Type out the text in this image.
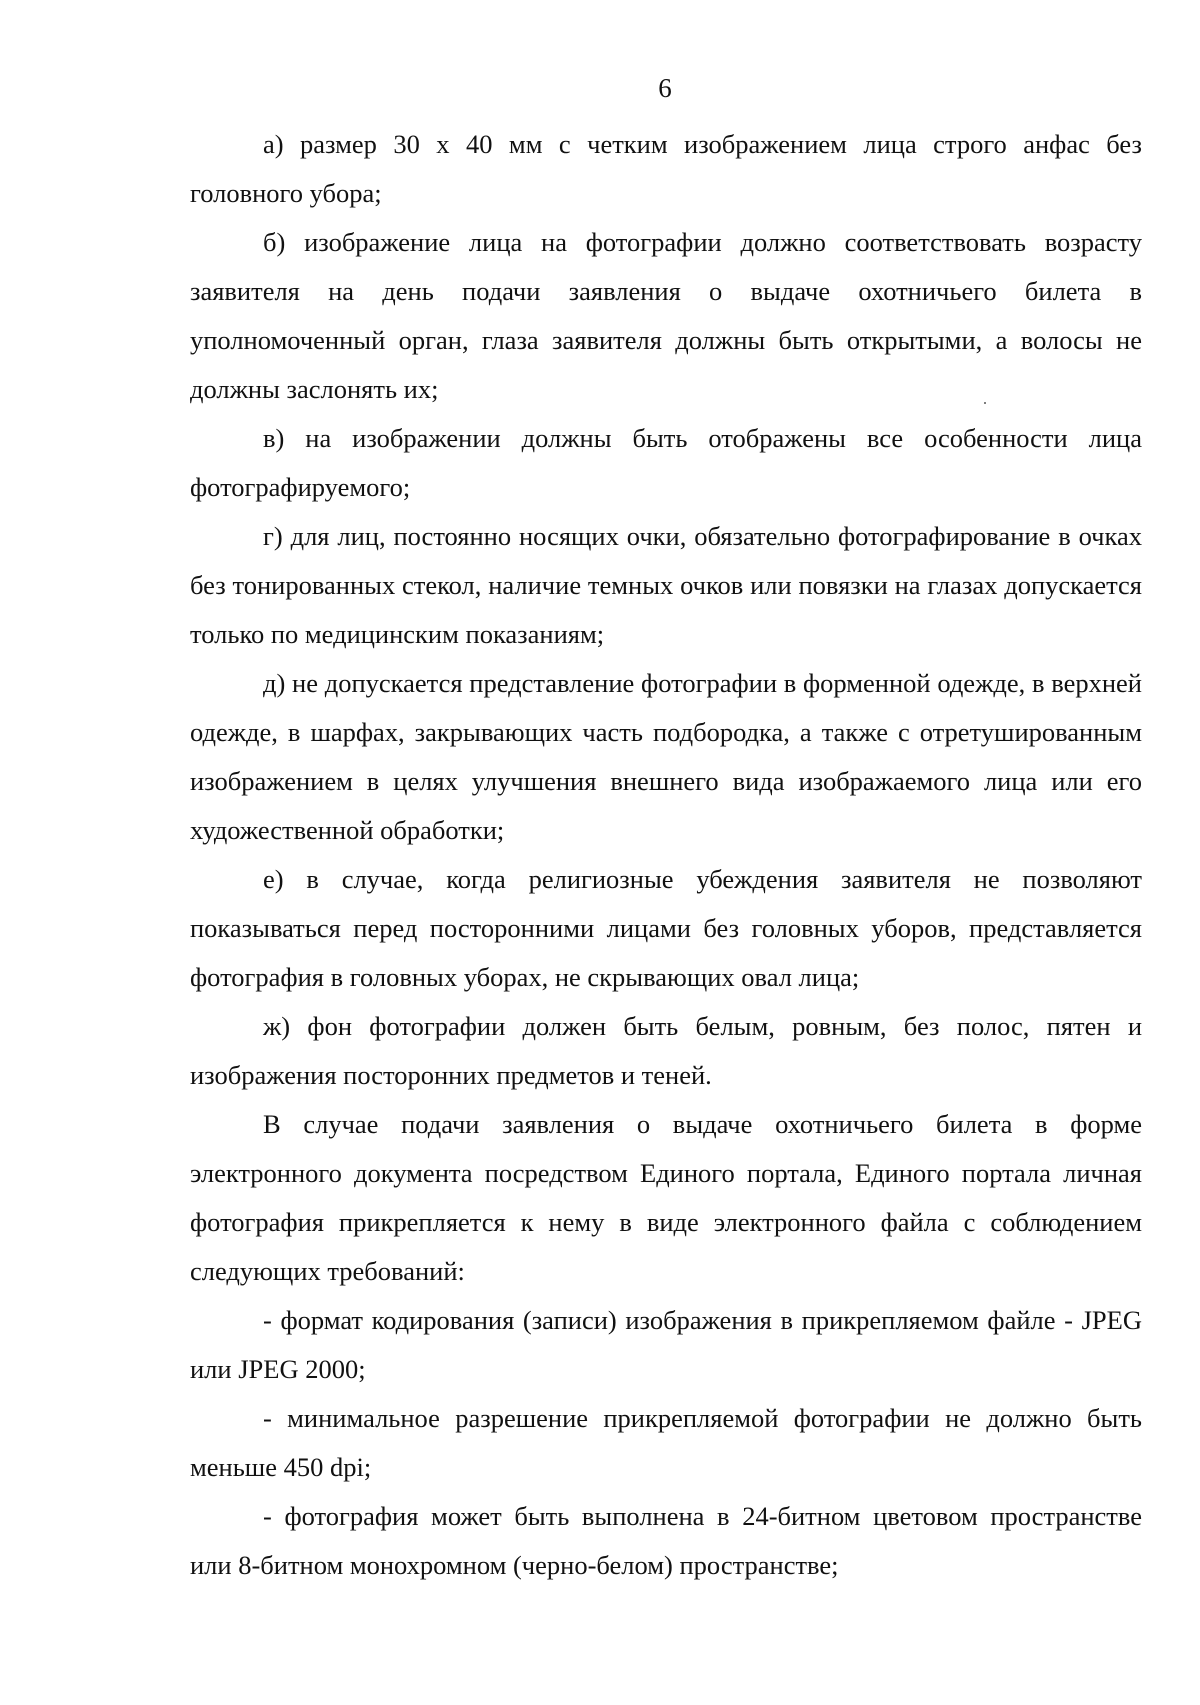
6

а) размер 30 х 40 мм с четким изображением лица строго анфас без головного убора;

б) изображение лица на фотографии должно соответствовать возрасту заявителя на день подачи заявления о выдаче охотничьего билета в уполномоченный орган, глаза заявителя должны быть открытыми, а волосы не должны заслонять их;

в) на изображении должны быть отображены все особенности лица фотографируемого;

г) для лиц, постоянно носящих очки, обязательно фотографирование в очках без тонированных стекол, наличие темных очков или повязки на глазах допускается только по медицинским показаниям;

д) не допускается представление фотографии в форменной одежде, в верхней одежде, в шарфах, закрывающих часть подбородка, а также с отретушированным изображением в целях улучшения внешнего вида изображаемого лица или его художественной обработки;

е) в случае, когда религиозные убеждения заявителя не позволяют показываться перед посторонними лицами без головных уборов, представляется фотография в головных уборах, не скрывающих овал лица;

ж) фон фотографии должен быть белым, ровным, без полос, пятен и изображения посторонних предметов и теней.

В случае подачи заявления о выдаче охотничьего билета в форме электронного документа посредством Единого портала, Единого портала личная фотография прикрепляется к нему в виде электронного файла с соблюдением следующих требований:

- формат кодирования (записи) изображения в прикрепляемом файле - JPEG или JPEG 2000;

- минимальное разрешение прикрепляемой фотографии не должно быть меньше 450 dpi;

- фотография может быть выполнена в 24-битном цветовом пространстве или 8-битном монохромном (черно-белом) пространстве;
